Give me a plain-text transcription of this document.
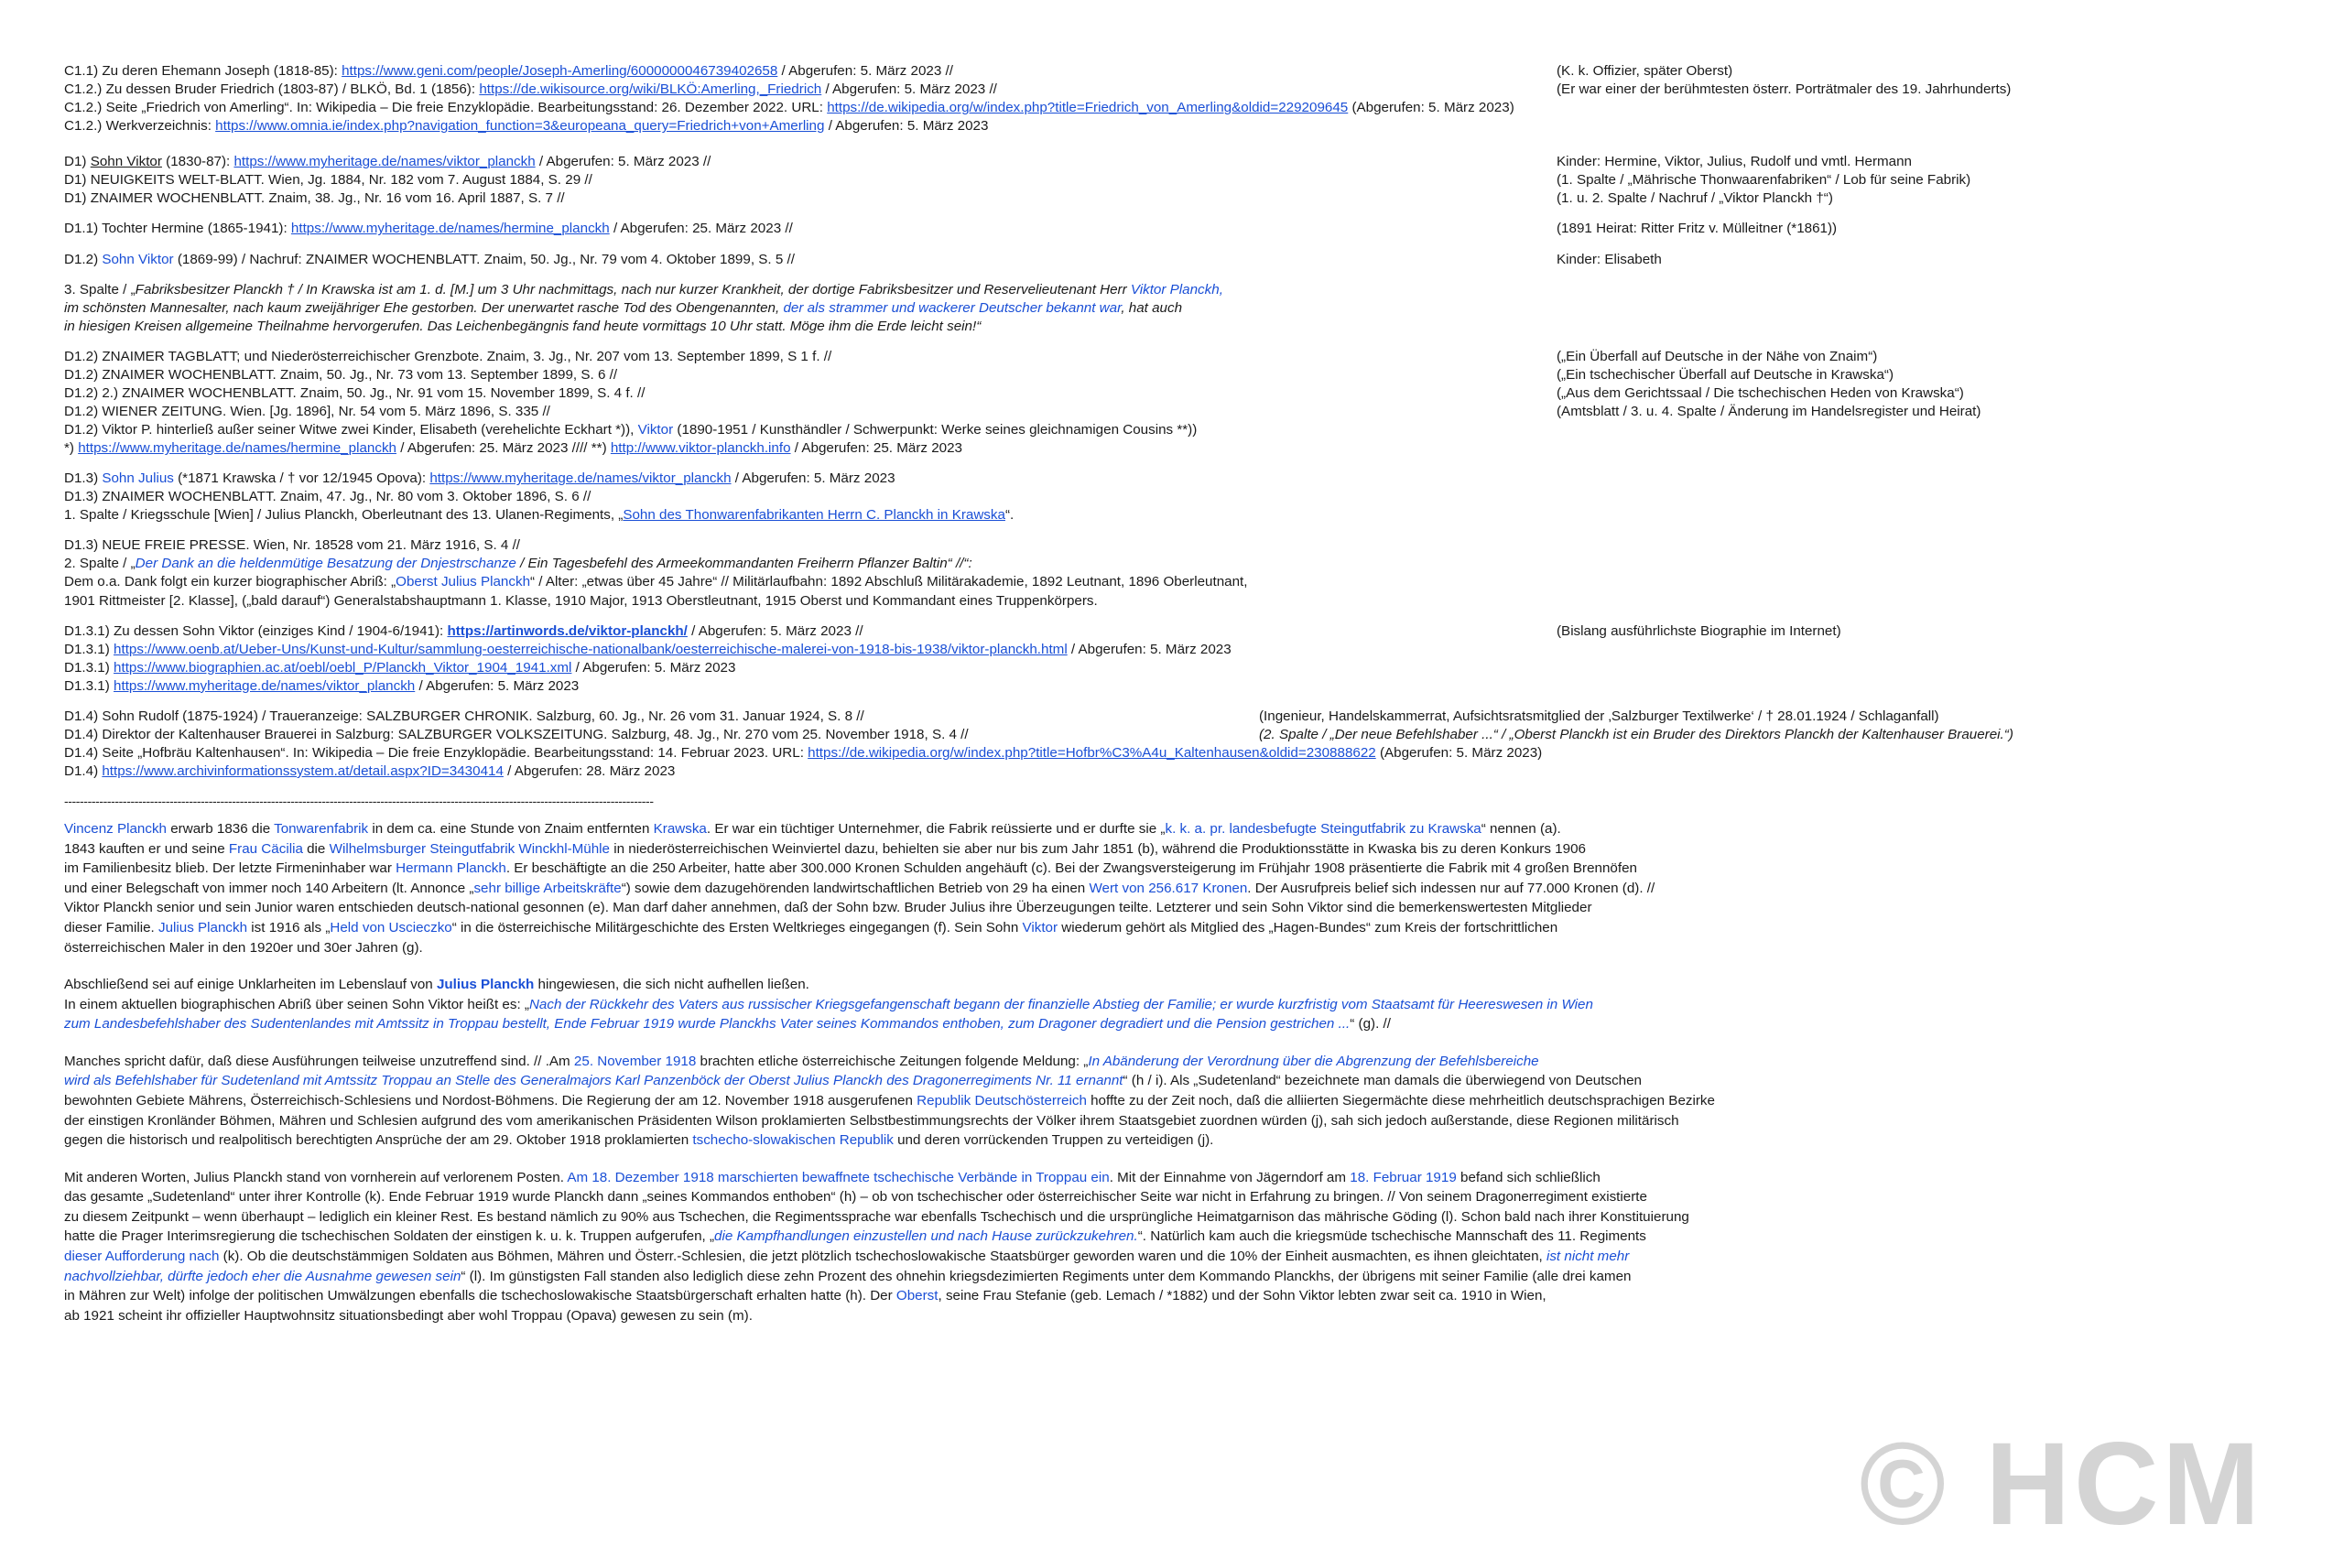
C1.1) Zu deren Ehemann Joseph (1818-85): https://www.geni.com/people/Joseph-Amerling/6000000046739402658 / Abgerufen: 5. März 2023 //	(K. k. Offizier, später Oberst)
C1.2.) Zu dessen Bruder Friedrich (1803-87) / BLKÖ, Bd. 1 (1856): https://de.wikisource.org/wiki/BLKÖ:Amerling,_Friedrich / Abgerufen: 5. März 2023 //	(Er war einer der berühmtesten österr. Porträtmaler des 19. Jahrhunderts)
C1.2.) Seite „Friedrich von Amerling“. In: Wikipedia – Die freie Enzyklopädie. Bearbeitungsstand: 26. Dezember 2022. URL: https://de.wikipedia.org/w/index.php?title=Friedrich_von_Amerling&oldid=229209645 (Abgerufen: 5. März 2023)
C1.2.) Werkverzeichnis: https://www.omnia.ie/index.php?navigation_function=3&europeana_query=Friedrich+von+Amerling / Abgerufen: 5. März 2023
D1) Sohn Viktor (1830-87): https://www.myheritage.de/names/viktor_planckh / Abgerufen: 5. März 2023 //	Kinder: Hermine, Viktor, Julius, Rudolf und vmtl. Hermann
D1) NEUIGKEITS WELT-BLATT. Wien, Jg. 1884, Nr. 182 vom 7. August 1884, S. 29 //	(1. Spalte / „Mährische Thonwaarenfabriken“ / Lob für seine Fabrik)
D1) ZNAIMER WOCHENBLATT. Znaim, 38. Jg., Nr. 16 vom 16. April 1887, S. 7 //	(1. u. 2. Spalte / Nachruf / „Viktor Planckh †“)
D1.1) Tochter Hermine (1865-1941): https://www.myheritage.de/names/hermine_planckh / Abgerufen: 25. März 2023 //	(1891 Heirat: Ritter Fritz v. Mülleitner (*1861))
D1.2) Sohn Viktor (1869-99) / Nachruf: ZNAIMER WOCHENBLATT. Znaim, 50. Jg., Nr. 79 vom 4. Oktober 1899, S. 5 //	Kinder: Elisabeth
3. Spalte / „Fabriksbesitzer Planckh † / In Krawska ist am 1. d. [M.] um 3 Uhr nachmittags, nach nur kurzer Krankheit, der dortige Fabriksbesitzer und Reservelieutenant Herr Viktor Planckh,
im schönsten Mannesalter, nach kaum zweijähriger Ehe gestorben. Der unerwartet rasche Tod des Obengenannten, der als strammer und wackerer Deutscher bekannt war, hat auch
in hiesigen Kreisen allgemeine Theilnahme hervorgerufen. Das Leichenbegängnis fand heute vormittags 10 Uhr statt. Möge ihm die Erde leicht sein!“
D1.2) ZNAIMER TAGBLATT; und Niederösterreichischer Grenzbote. Znaim, 3. Jg., Nr. 207 vom 13. September 1899, S 1 f. //	(„Ein Überfall auf Deutsche in der Nähe von Znaim“)
D1.2) ZNAIMER WOCHENBLATT. Znaim, 50. Jg., Nr. 73 vom 13. September 1899, S. 6 //	(„Ein tschechischer Überfall auf Deutsche in Krawska“)
D1.2) 2.) ZNAIMER WOCHENBLATT. Znaim, 50. Jg., Nr. 91 vom 15. November 1899, S. 4 f. //	(„Aus dem Gerichtssaal / Die tschechischen Heden von Krawska“)
D1.2) WIENER ZEITUNG. Wien. [Jg. 1896], Nr. 54 vom 5. März 1896, S. 335 //	(Amtsblatt / 3. u. 4. Spalte / Änderung im Handelsregister und Heirat)
D1.2) Viktor P. hinterließ außer seiner Witwe zwei Kinder, Elisabeth (verehelichte Eckhart *)), Viktor (1890-1951 / Kunsthändler / Schwerpunkt: Werke seines gleichnamigen Cousins **))
*) https://www.myheritage.de/names/hermine_planckh / Abgerufen: 25. März 2023 //// **) http://www.viktor-planckh.info / Abgerufen: 25. März 2023
D1.3) Sohn Julius (*1871 Krawska / † vor 12/1945 Opova): https://www.myheritage.de/names/viktor_planckh / Abgerufen: 5. März 2023
D1.3) ZNAIMER WOCHENBLATT. Znaim, 47. Jg., Nr. 80 vom 3. Oktober 1896, S. 6 //
1. Spalte / Kriegsschule [Wien] / Julius Planckh, Oberleutnant des 13. Ulanen-Regiments, „Sohn des Thonwarenfabrikanten Herrn C. Planckh in Krawska“.
D1.3) NEUE FREIE PRESSE. Wien, Nr. 18528 vom 21. März 1916, S. 4 //
2. Spalte / „Der Dank an die heldenmütige Besatzung der Dnjestrschanze / Ein Tagesbefehl des Armeekommandanten Freiherrn Pflanzer Baltin“ //“:
Dem o.a. Dank folgt ein kurzer biographischer Abriß: „Oberst Julius Planckh“ / Alter: „etwas über 45 Jahre“ // Militärlaufbahn: 1892 Abschluß Militärakademie, 1892 Leutnant, 1896 Oberleutnant,
1901 Rittmeister [2. Klasse], („bald darauf“) Generalstabshauptmann 1. Klasse, 1910 Major, 1913 Oberstleutnant, 1915 Oberst und Kommandant eines Truppenkörpers.
D1.3.1) Zu dessen Sohn Viktor (einziges Kind / 1904-6/1941): https://artinwords.de/viktor-planckh/ / Abgerufen: 5. März 2023 //	(Bislang ausführlichste Biographie im Internet)
D1.3.1) https://www.oenb.at/Ueber-Uns/Kunst-und-Kultur/sammlung-oesterreichische-nationalbank/oesterreichische-malerei-von-1918-bis-1938/viktor-planckh.html / Abgerufen: 5. März 2023
D1.3.1) https://www.biographien.ac.at/oebl/oebl_P/Planckh_Viktor_1904_1941.xml / Abgerufen: 5. März 2023
D1.3.1) https://www.myheritage.de/names/viktor_planckh / Abgerufen: 5. März 2023
D1.4) Sohn Rudolf (1875-1924) / Traueranzeige: SALZBURGER CHRONIK. Salzburg, 60. Jg., Nr. 26 vom 31. Januar 1924, S. 8 //	(Ingenieur, Handelskammerrat, Aufsichtsratsmitglied der ‚Salzburger Textilwerke‘ / † 28.01.1924 / Schlaganfall)
D1.4) Direktor der Kaltenhauser Brauerei in Salzburg: SALZBURGER VOLKSZEITUNG. Salzburg, 48. Jg., Nr. 270 vom 25. November 1918, S. 4 //	(2. Spalte / „Der neue Befehlshaber ...“ / „Oberst Planckh ist ein Bruder des Direktors Planckh der Kaltenhauser Brauerei.“)
D1.4) Seite „Hofbräu Kaltenhausen“. In: Wikipedia – Die freie Enzyklopädie. Bearbeitungsstand: 14. Februar 2023. URL: https://de.wikipedia.org/w/index.php?title=Hofbr%C3%A4u_Kaltenhausen&oldid=230888622 (Abgerufen: 5. März 2023)
D1.4) https://www.archivinformationssystem.at/detail.aspx?ID=3430414 / Abgerufen: 28. März 2023
-------------------------------------------------------------------------------------------------------------------------------------------------------
Vincenz Planckh erwarb 1836 die Tonwarenfabrik in dem ca. eine Stunde von Znaim entfernten Krawska. Er war ein tüchtiger Unternehmer, die Fabrik reüssierte und er durfte sie „k. k. a. pr. landesbefugte Steingutfabrik zu Krawska“ nennen (a).
1843 kauften er und seine Frau Cäcilia die Wilhelmsburger Steingutfabrik Winckhl-Mühle in niederösterreichischen Weinviertel dazu, behielten sie aber nur bis zum Jahr 1851 (b), während die Produktionsstätte in Kwaska bis zu deren Konkurs 1906
im Familienbesitz blieb. Der letzte Firmeninhaber war Hermann Planckh. Er beschäftigte an die 250 Arbeiter, hatte aber 300.000 Kronen Schulden angehäuft (c). Bei der Zwangsversteigerung im Frühjahr 1908 präsentierte die Fabrik mit 4 großen Brennöfen
und einer Belegschaft von immer noch 140 Arbeitern (lt. Annonce „sehr billige Arbeitskräfte“) sowie dem dazugehörenden landwirtschaftlichen Betrieb von 29 ha einen Wert von 256.617 Kronen. Der Ausrufpreis belief sich indessen nur auf 77.000 Kronen (d). //
Viktor Planckh senior und sein Junior waren entschieden deutsch-national gesonnen (e). Man darf daher annehmen, daß der Sohn bzw. Bruder Julius ihre Überzeugungen teilte. Letzterer und sein Sohn Viktor sind die bemerkenswertesten Mitglieder
dieser Familie. Julius Planckh ist 1916 als „Held von Uscieczko“ in die österreichische Militärgeschichte des Ersten Weltkrieges eingegangen (f). Sein Sohn Viktor wiederum gehört als Mitglied des „Hagen-Bundes“ zum Kreis der fortschrittlichen
österreichischen Maler in den 1920er und 30er Jahren (g).
Abschließend sei auf einige Unklarheiten im Lebenslauf von Julius Planckh hingewiesen, die sich nicht aufhellen ließen.
In einem aktuellen biographischen Abriß über seinen Sohn Viktor heißt es: „Nach der Rückkehr des Vaters aus russischer Kriegsgefangenschaft begann der finanzielle Abstieg der Familie; er wurde kurzfristig vom Staatsamt für Heereswesen in Wien
zum Landesbefehlshaber des Sudentenlandes mit Amtssitz in Troppau bestellt, Ende Februar 1919 wurde Planckhs Vater seines Kommandos enthoben, zum Dragoner degradiert und die Pension gestrichen ...“ (g). //
Manches spricht dafür, daß diese Ausführungen teilweise unzutreffend sind. // .Am 25. November 1918 brachten etliche österreichische Zeitungen folgende Meldung: „In Abänderung der Verordnung über die Abgrenzung der Befehlsbereiche
wird als Befehlshaber für Sudetenland mit Amtssitz Troppau an Stelle des Generalmajors Karl Panzenböck der Oberst Julius Planckh des Dragonerregiments Nr. 11 ernannt“ (h / i). Als „Sudetenland“ bezeichnete man damals die überwiegend von Deutschen
bewohnten Gebiete Mährens, Österreichisch-Schlesiens und Nordost-Böhmens. Die Regierung der am 12. November 1918 ausgerufenen Republik Deutschösterreich hoffte zu der Zeit noch, daß die alliierten Siegermächte diese mehrheitlich deutschsprachigen Bezirke
der einstigen Kronländer Böhmen, Mähren und Schlesien aufgrund des vom amerikanischen Präsidenten Wilson proklamierten Selbstbestimmungsrechts der Völker ihrem Staatsgebiet zuordnen würden (j), sah sich jedoch außerstande, diese Regionen militärisch
gegen die historisch und realpolitisch berechtigten Ansprüche der am 29. Oktober 1918 proklamierten tschecho-slowakischen Republik und deren vorrückenden Truppen zu verteidigen (j).
Mit anderen Worten, Julius Planckh stand von vornherein auf verlorenem Posten. Am 18. Dezember 1918 marschierten bewaffnete tschechische Verbände in Troppau ein. Mit der Einnahme von Jägerndorf am 18. Februar 1919 befand sich schließlich
das gesamte „Sudetenland“ unter ihrer Kontrolle (k). Ende Februar 1919 wurde Planckh dann „seines Kommandos enthoben“ (h) – ob von tschechischer oder österreichischer Seite war nicht in Erfahrung zu bringen. // Von seinem Dragonerregiment existierte
zu diesem Zeitpunkt – wenn überhaupt – lediglich ein kleiner Rest. Es bestand nämlich zu 90% aus Tschechen, die Regimentssprache war ebenfalls Tschechisch und die ursprüngliche Heimatgarnison das mährische Göding (l). Schon bald nach ihrer Konstituierung
hatte die Prager Interimsregierung die tschechischen Soldaten der einstigen k. u. k. Truppen aufgerufen, „die Kampfhandlungen einzustellen und nach Hause zurückzukehren.“. Natürlich kam auch die kriegsmüde tschechische Mannschaft des 11. Regiments
dieser Aufforderung nach (k). Ob die deutschstämmigen Soldaten aus Böhmen, Mähren und Österr.-Schlesien, die jetzt plötzlich tschechoslowakische Staatsbürger geworden waren und die 10% der Einheit ausmachten, es ihnen gleichtaten, ist nicht mehr
nachvollziehbar, dürfte jedoch eher die Ausnahme gewesen sein“ (l). Im günstigsten Fall standen also lediglich diese zehn Prozent des ohnehin kriegsdezimierten Regiments unter dem Kommando Planckhs, der übrigens mit seiner Familie (alle drei kamen
in Mähren zur Welt) infolge der politischen Umwälzungen ebenfalls die tschechoslowakische Staatsbürgerschaft erhalten hatte (h). Der Oberst, seine Frau Stefanie (geb. Lemach / *1882) und der Sohn Viktor lebten zwar seit ca. 1910 in Wien,
ab 1921 scheint ihr offizieller Hauptwohnsitz situationsbedingt aber wohl Troppau (Opava) gewesen zu sein (m).
© HCM
